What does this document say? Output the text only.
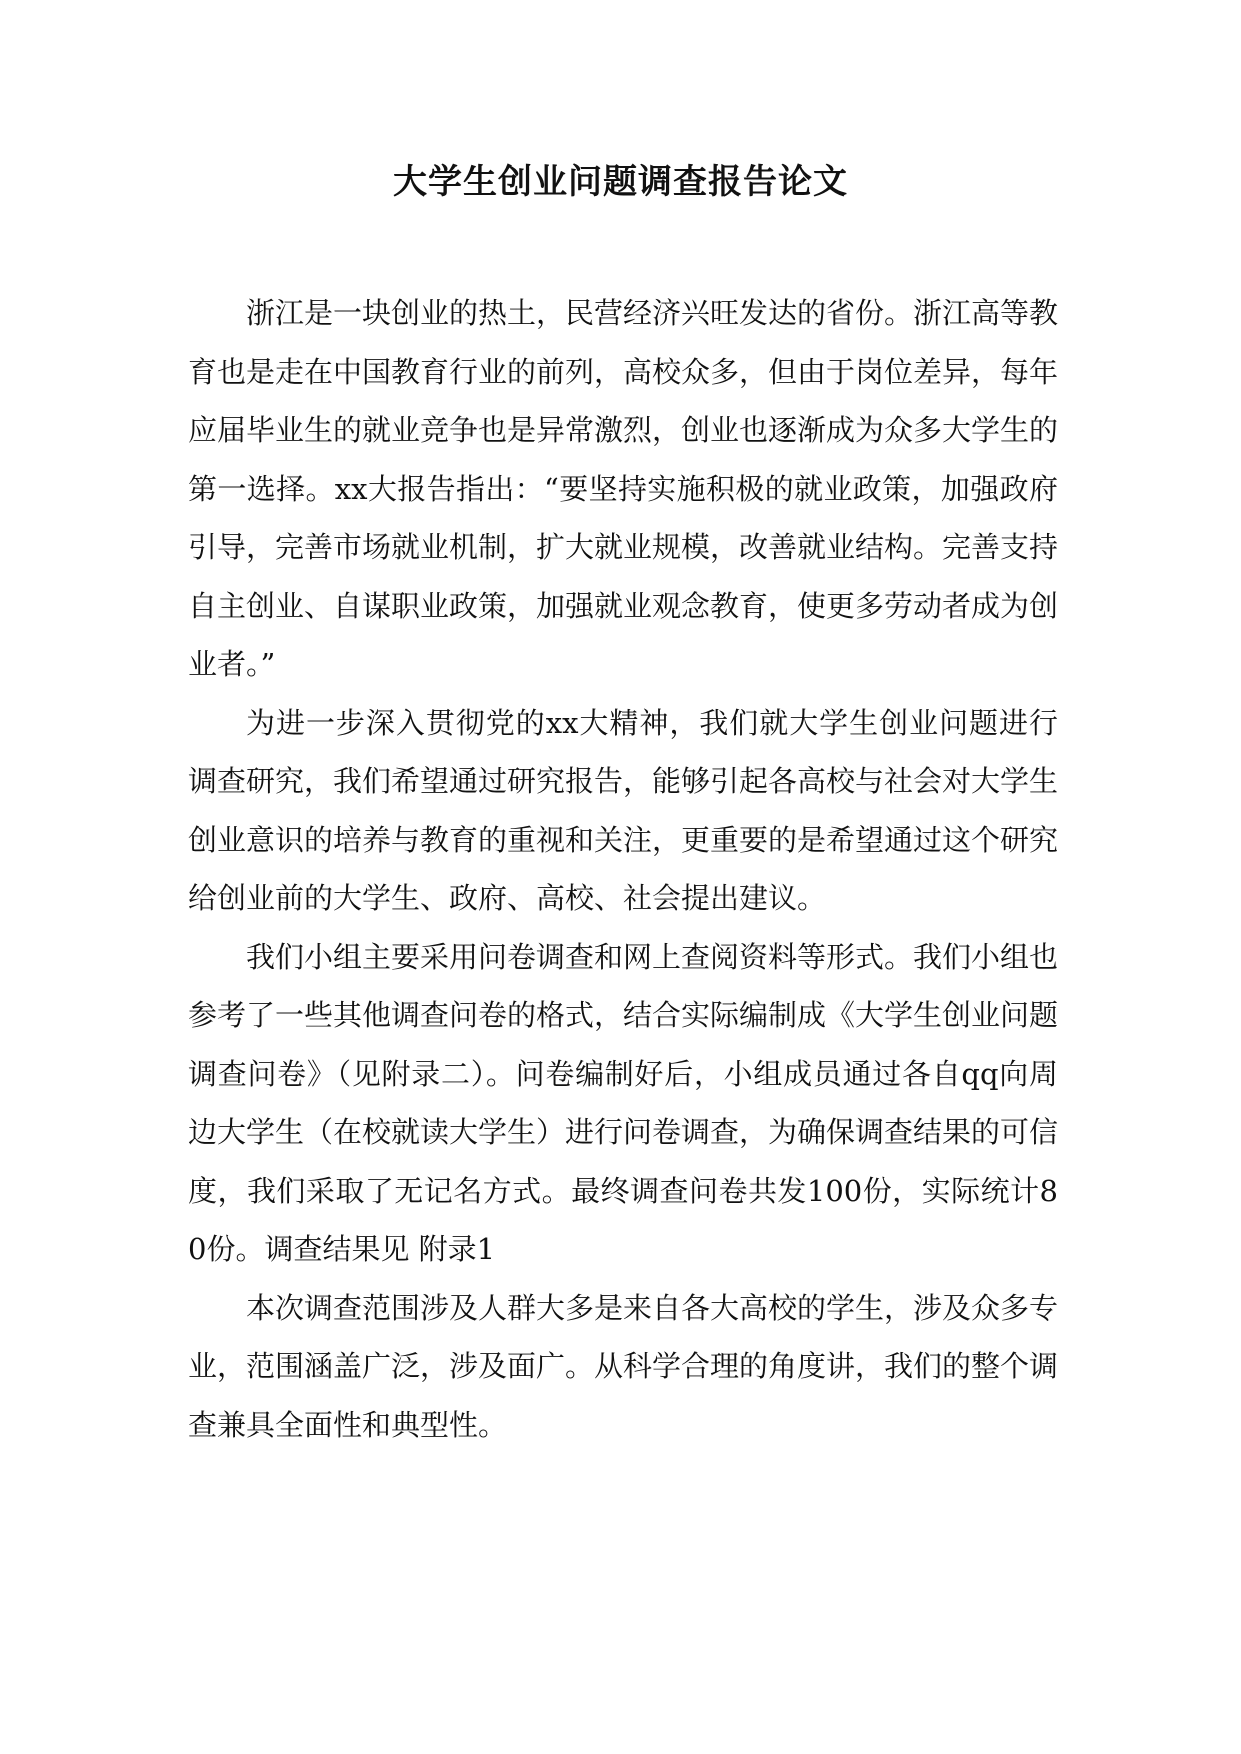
大学生创业问题调查报告论文

浙江是一块创业的热土，民营经济兴旺发达的省份。浙江高等教育也是走在中国教育行业的前列，高校众多，但由于岗位差异，每年应届毕业生的就业竞争也是异常激烈，创业也逐渐成为众多大学生的第一选择。xx大报告指出：“要坚持实施积极的就业政策，加强政府引导，完善市场就业机制，扩大就业规模，改善就业结构。完善支持自主创业、自谋职业政策，加强就业观念教育，使更多劳动者成为创业者。”

为进一步深入贯彻党的xx大精神，我们就大学生创业问题进行调查研究，我们希望通过研究报告，能够引起各高校与社会对大学生创业意识的培养与教育的重视和关注，更重要的是希望通过这个研究给创业前的大学生、政府、高校、社会提出建议。

我们小组主要采用问卷调查和网上查阅资料等形式。我们小组也参考了一些其他调查问卷的格式，结合实际编制成《大学生创业问题调查问卷》（见附录二）。问卷编制好后，小组成员通过各自qq向周边大学生（在校就读大学生）进行问卷调查，为确保调查结果的可信度，我们采取了无记名方式。最终调查问卷共发100份，实际统计80份。调查结果见 附录1

本次调查范围涉及人群大多是来自各大高校的学生，涉及众多专业，范围涵盖广泛，涉及面广。从科学合理的角度讲，我们的整个调查兼具全面性和典型性。
